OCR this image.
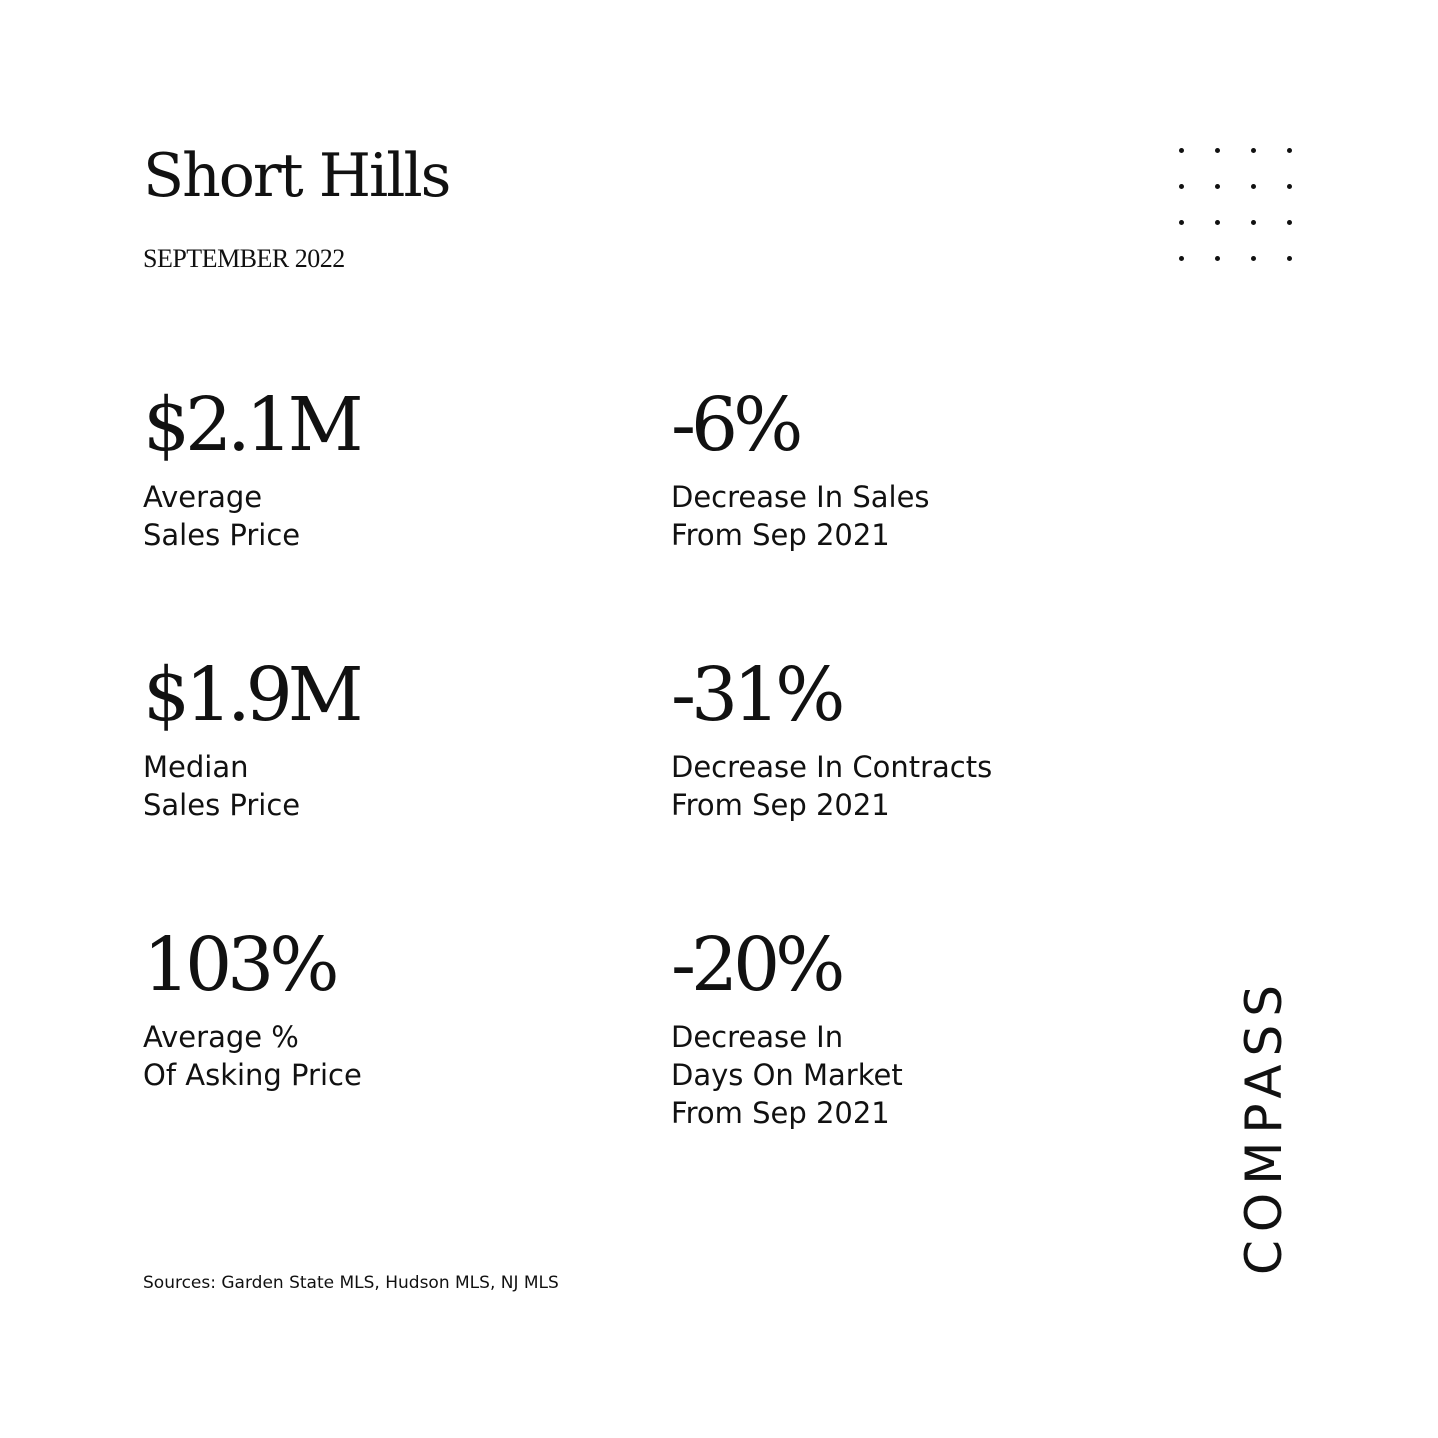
Short Hills
SEPTEMBER 2022
$2.1M
Average
Sales Price
-6%
Decrease In Sales
From Sep 2021
$1.9M
Median
Sales Price
-31%
Decrease In Contracts
From Sep 2021
103%
Average %
Of Asking Price
-20%
Decrease In
Days On Market
From Sep 2021
Sources: Garden State MLS, Hudson MLS, NJ MLS
COMPASS
